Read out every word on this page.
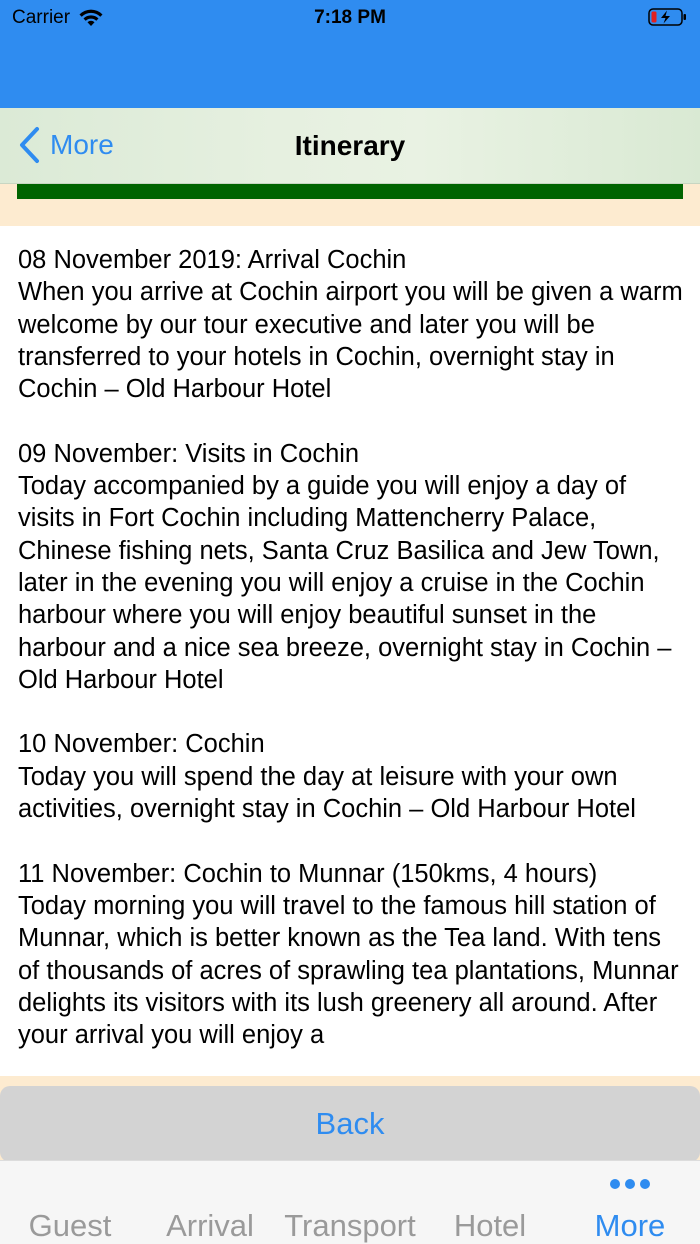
Carrier	7:18 PM
More	Itinerary
08 November 2019: Arrival Cochin
When you arrive at Cochin airport you will be given a warm welcome by our tour executive and later you will be transferred to your hotels in Cochin, overnight stay in Cochin – Old Harbour Hotel

09 November: Visits in Cochin
Today accompanied by a guide you will enjoy a day of visits in Fort Cochin including Mattencherry Palace, Chinese fishing nets, Santa Cruz Basilica and Jew Town, later in the evening you will enjoy a cruise in the Cochin harbour where you will enjoy beautiful sunset in the harbour and a nice sea breeze, overnight stay in Cochin – Old Harbour Hotel

10 November: Cochin
Today you will spend the day at leisure with your own activities, overnight stay in Cochin – Old Harbour Hotel

11 November: Cochin to Munnar (150kms, 4 hours)
Today morning you will travel to the famous hill station of Munnar, which is better known as the Tea land. With tens of thousands of acres of sprawling tea plantations, Munnar delights its visitors with its lush greenery all around. After your arrival you will enjoy a
Back
Guest	Arrival Transport	Hotel	More
